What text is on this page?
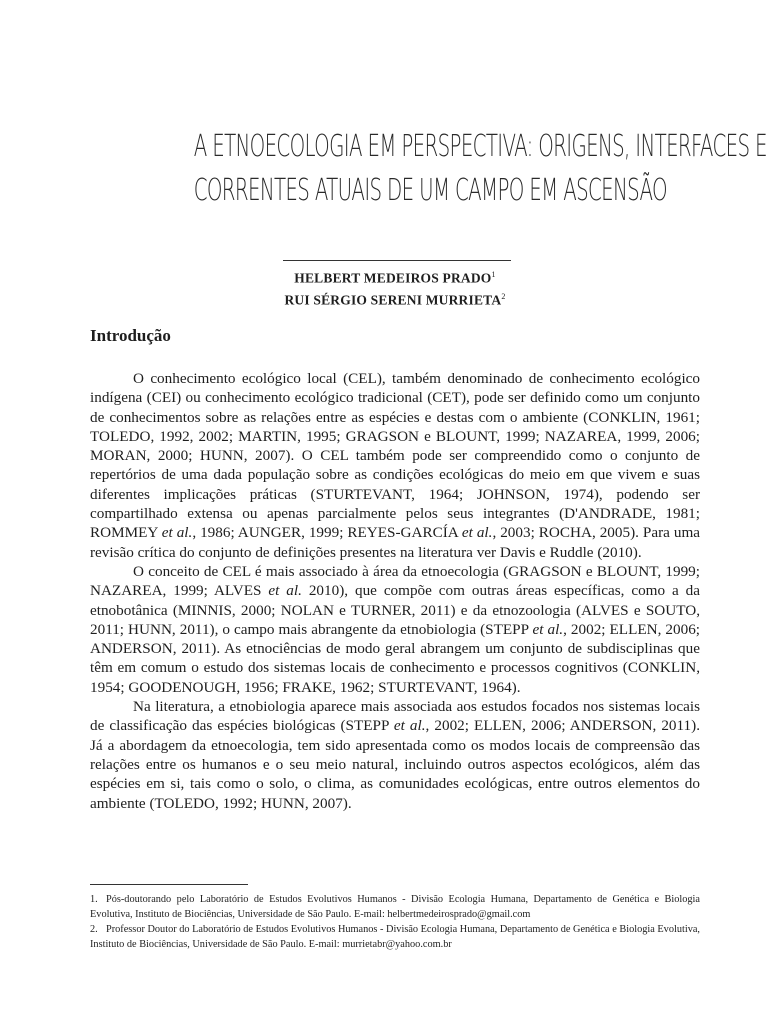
A ETNOECOLOGIA EM PERSPECTIVA: ORIGENS, INTERFACES E
CORRENTES ATUAIS DE UM CAMPO EM ASCENSÃO
HELBERT MEDEIROS PRADO$^1$
RUI SÉRGIO SERENI MURRIETA$^2$
Introdução

O conhecimento ecológico local (CEL), também denominado de conhecimento ecológico indígena (CEI) ou conhecimento ecológico tradicional (CET), pode ser definido como um conjunto de conhecimentos sobre as relações entre as espécies e destas com o ambiente (CONKLIN, 1961; TOLEDO, 1992, 2002; MARTIN, 1995; GRAGSON e BLOUNT, 1999; NAZAREA, 1999, 2006; MORAN, 2000; HUNN, 2007). O CEL também pode ser compreendido como o conjunto de repertórios de uma dada população sobre as condições ecológicas do meio em que vivem e suas diferentes implicações práticas (STURTEVANT, 1964; JOHNSON, 1974), podendo ser compartilhado extensa ou apenas parcialmente pelos seus integrantes (D'ANDRADE, 1981; ROMMEY et al., 1986; AUNGER, 1999; REYES-GARCÍA et al., 2003; ROCHA, 2005). Para uma revisão crítica do conjunto de definições presentes na literatura ver Davis e Ruddle (2010).

O conceito de CEL é mais associado à área da etnoecologia (GRAGSON e BLOUNT, 1999; NAZAREA, 1999; ALVES et al. 2010), que compõe com outras áreas específicas, como a da etnobotânica (MINNIS, 2000; NOLAN e TURNER, 2011) e da etnozoologia (ALVES e SOUTO, 2011; HUNN, 2011), o campo mais abrangente da etnobiologia (STEPP et al., 2002; ELLEN, 2006; ANDERSON, 2011). As etnociências de modo geral abrangem um conjunto de subdisciplinas que têm em comum o estudo dos sistemas locais de conhecimento e processos cognitivos (CONKLIN, 1954; GOODENOUGH, 1956; FRAKE, 1962; STURTEVANT, 1964).

Na literatura, a etnobiologia aparece mais associada aos estudos focados nos sistemas locais de classificação das espécies biológicas (STEPP et al., 2002; ELLEN, 2006; ANDERSON, 2011). Já a abordagem da etnoecologia, tem sido apresentada como os modos locais de compreensão das relações entre os humanos e o seu meio natural, incluindo outros aspectos ecológicos, além das espécies em si, tais como o solo, o clima, as comunidades ecológicas, entre outros elementos do ambiente (TOLEDO, 1992; HUNN, 2007).

1. Pós-doutorando pelo Laboratório de Estudos Evolutivos Humanos - Divisão Ecologia Humana, Departamento de Genética e Biologia Evolutiva, Instituto de Biociências, Universidade de São Paulo. E-mail: helbertmedeirosprado@gmail.com

2. Professor Doutor do Laboratório de Estudos Evolutivos Humanos - Divisão Ecologia Humana, Departamento de Genética e Biologia Evolutiva, Instituto de Biociências, Universidade de São Paulo. E-mail: murrietabr@yahoo.com.br
